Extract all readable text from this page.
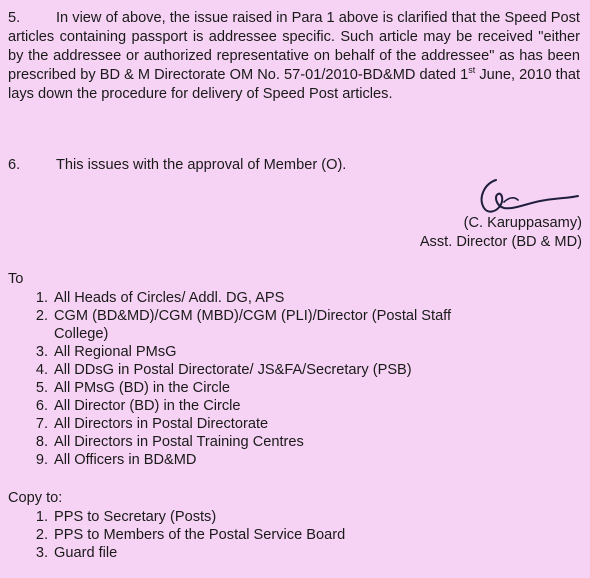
5. In view of above, the issue raised in Para 1 above is clarified that the Speed Post articles containing passport is addressee specific. Such article may be received "either by the addressee or authorized representative on behalf of the addressee" as has been prescribed by BD & M Directorate OM No. 57-01/2010-BD&MD dated 1st June, 2010 that lays down the procedure for delivery of Speed Post articles.
6. This issues with the approval of Member (O).
(C. Karuppasamy)
Asst. Director (BD & MD)
To
1. All Heads of Circles/ Addl. DG, APS
2. CGM (BD&MD)/CGM (MBD)/CGM (PLI)/Director (Postal Staff College)
3. All Regional PMsG
4. All DDsG in Postal Directorate/ JS&FA/Secretary (PSB)
5. All PMsG (BD) in the Circle
6. All Director (BD) in the Circle
7. All Directors in Postal Directorate
8. All Directors in Postal Training Centres
9. All Officers in BD&MD
Copy to:
1. PPS to Secretary (Posts)
2. PPS to Members of the Postal Service Board
3. Guard file
